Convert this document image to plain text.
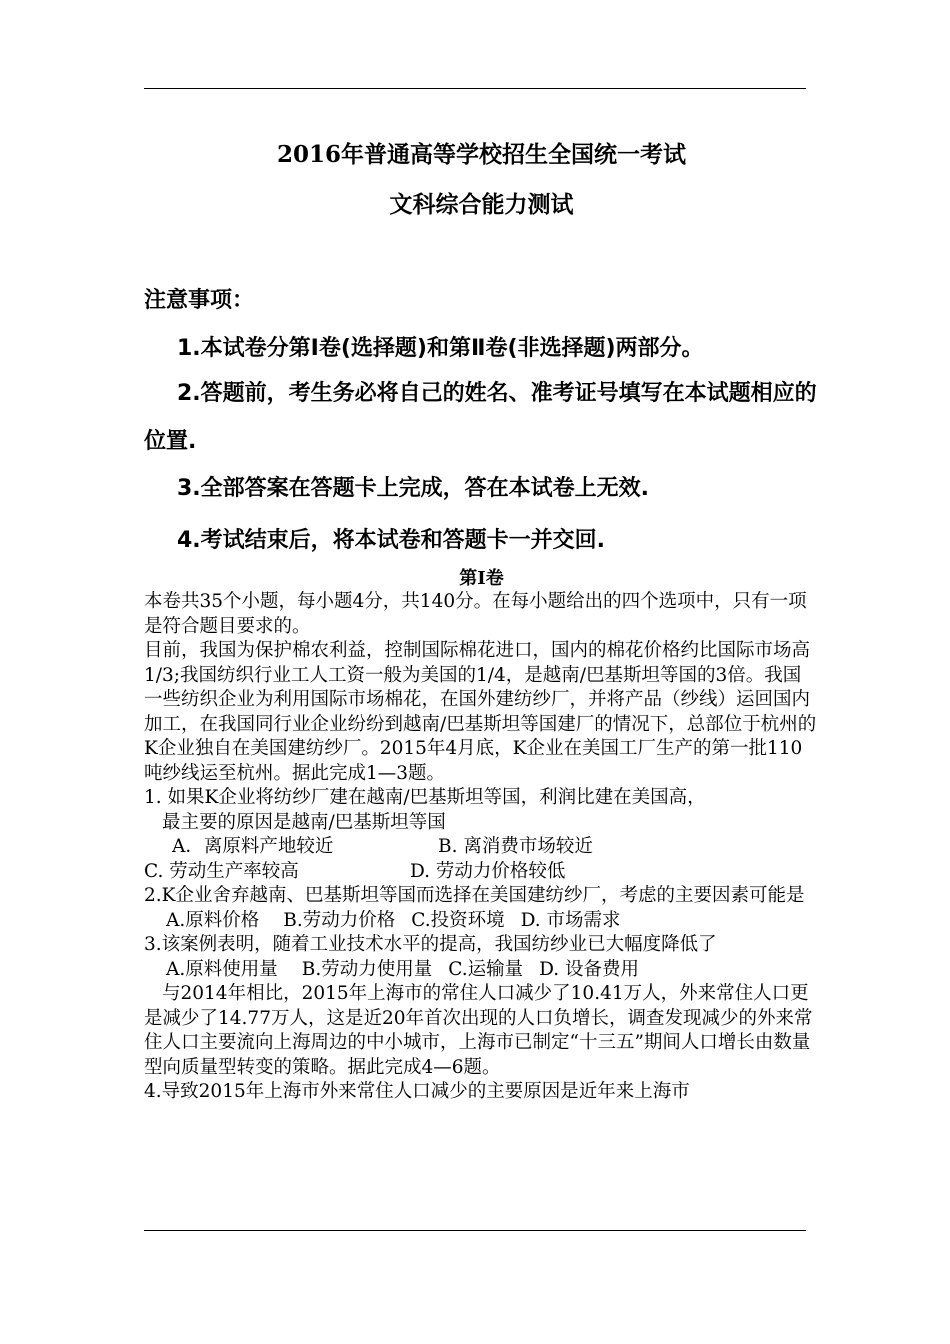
2016年普通高等学校招生全国统一考试

文科综合能力测试

注意事项：
1.本试卷分第Ⅰ卷(选择题)和第Ⅱ卷(非选择题)两部分。
2.答题前，考生务必将自己的姓名、准考证号填写在本试题相应的位置.
3.全部答案在答题卡上完成，答在本试卷上无效.
4.考试结束后，将本试卷和答题卡一并交回.
第Ⅰ卷

本卷共35个小题，每小题4分，共140分。在每小题给出的四个选项中，只有一项是符合题目要求的。

目前，我国为保护棉农利益，控制国际棉花进口，国内的棉花价格约比国际市场高1/3;我国纺织行业工人工资一般为美国的1/4，是越南/巴基斯坦等国的3倍。我国一些纺织企业为利用国际市场棉花，在国外建纺纱厂，并将产品（纱线）运回国内加工，在我国同行业企业纷纷到越南/巴基斯坦等国建厂的情况下，总部位于杭州的K企业独自在美国建纺纱厂。2015年4月底，K企业在美国工厂生产的第一批110吨纱线运至杭州。据此完成1—3题。

1. 如果K企业将纺纱厂建在越南/巴基斯坦等国，利润比建在美国高，

最主要的原因是越南/巴基斯坦等国

A．离原料产地较近	B. 离消费市场较近
C. 劳动生产率较高	D. 劳动力价格较低

2.K企业舍弃越南、巴基斯坦等国而选择在美国建纺纱厂，考虑的主要因素可能是

A.原料价格 B.劳动力价格 C.投资环境 D. 市场需求

3.该案例表明，随着工业技术水平的提高，我国纺纱业已大幅度降低了

A.原料使用量 B.劳动力使用量 C.运输量 D. 设备费用

与2014年相比，2015年上海市的常住人口减少了10.41万人，外来常住人口更是减少了14.77万人，这是近20年首次出现的人口负增长，调查发现减少的外来常住人口主要流向上海周边的中小城市，上海市已制定“十三五”期间人口增长由数量型向质量型转变的策略。据此完成4—6题。

4.导致2015年上海市外来常住人口减少的主要原因是近年来上海市
